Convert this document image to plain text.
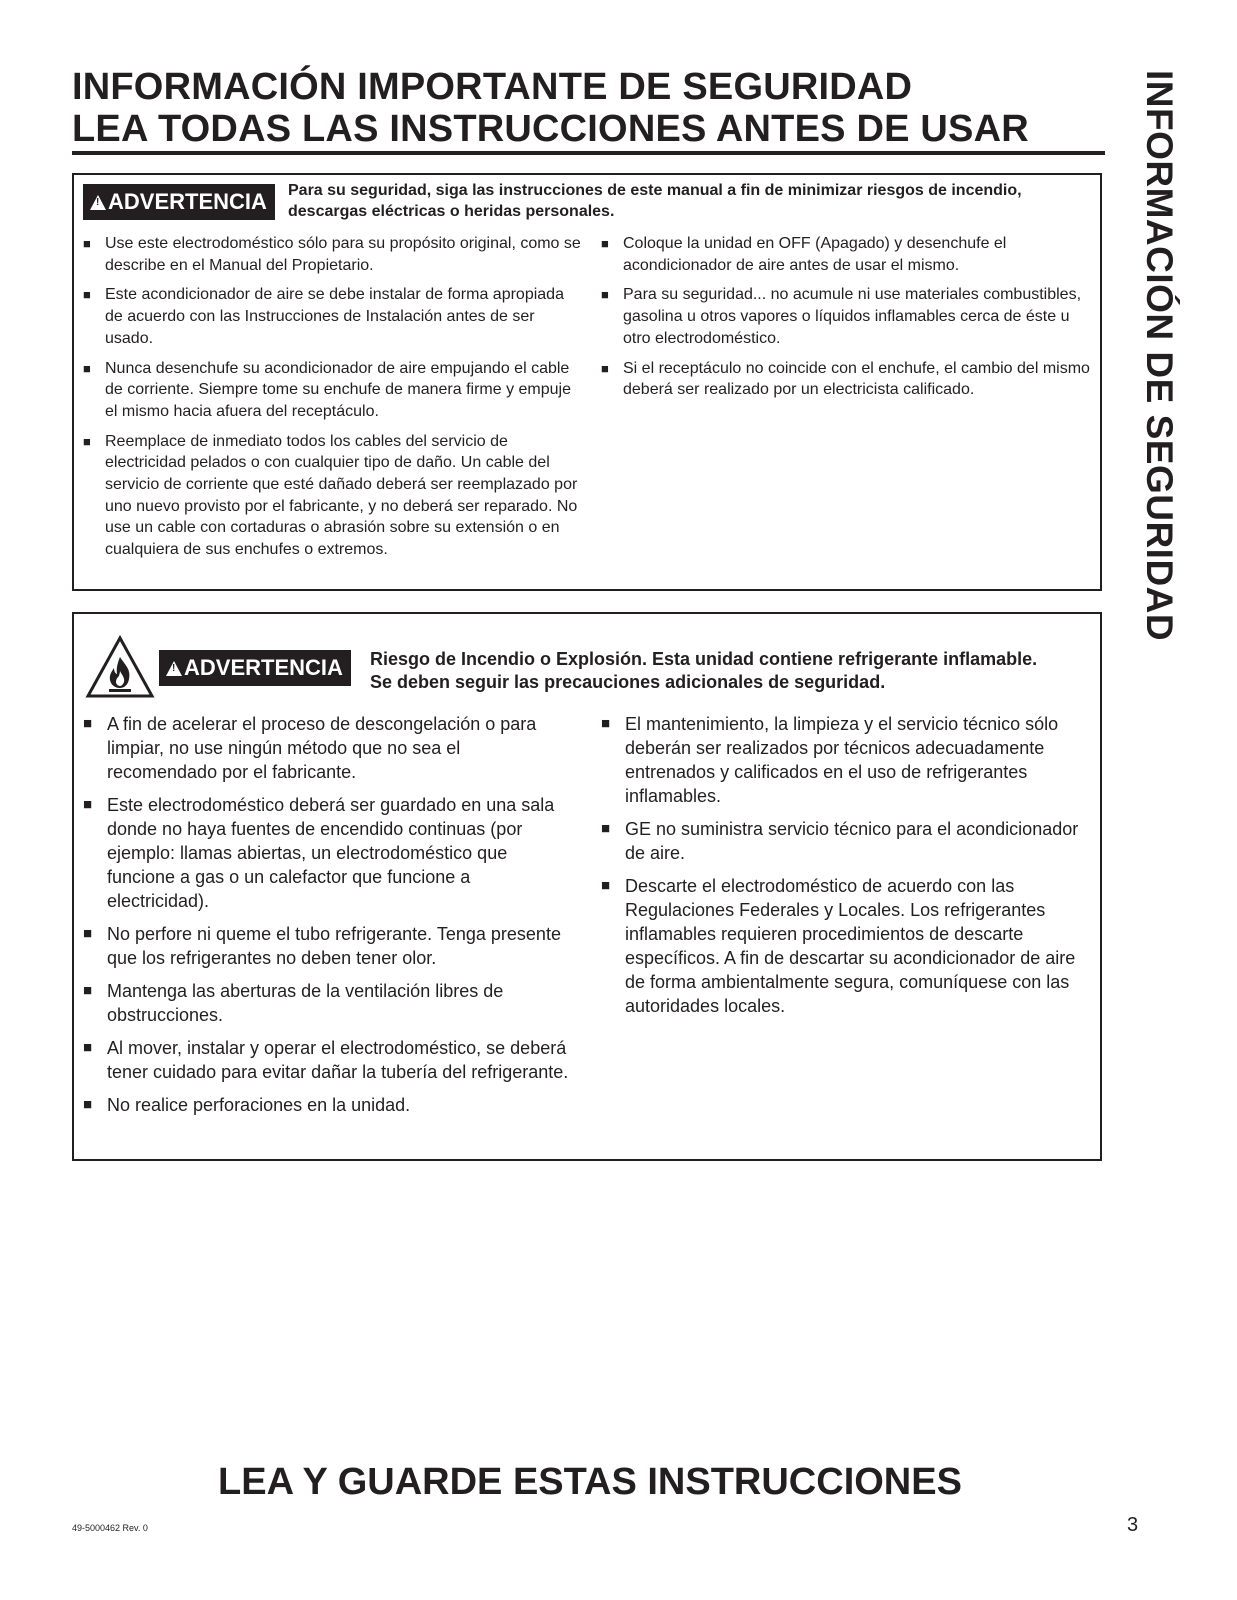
INFORMACIÓN IMPORTANTE DE SEGURIDAD
LEA TODAS LAS INSTRUCCIONES ANTES DE USAR	INFORMACIÓN DE SEGURIDAD
!
ADVERTENCIA Para su seguridad, siga las instrucciones de este manual a fin de minimizar riesgos de incendio, descargas eléctricas o heridas personales.

■ Use este electrodoméstico sólo para su propósito original, como se describe en el Manual del Propietario.

■ Este acondicionador de aire se debe instalar de forma apropiada de acuerdo con las Instrucciones de Instalación antes de ser usado.

■ Nunca desenchufe su acondicionador de aire empujando el cable de corriente. Siempre tome su enchufe de manera firme y empuje el mismo hacia afuera del receptáculo.

■ Reemplace de inmediato todos los cables del servicio de electricidad pelados o con cualquier tipo de daño. Un cable del servicio de corriente que esté dañado deberá ser reemplazado por uno nuevo provisto por el fabricante, y no deberá ser reparado. No use un cable con cortaduras o abrasión sobre su extensión o en cualquiera de sus enchufes o extremos.

■ Coloque la unidad en OFF (Apagado) y desenchufe el acondicionador de aire antes de usar el mismo.

■ Para su seguridad... no acumule ni use materiales combustibles, gasolina u otros vapores o líquidos inflamables cerca de éste u otro electrodoméstico.

■ Si el receptáculo no coincide con el enchufe, el cambio del mismo deberá ser realizado por un electricista calificado.

!
ADVERTENCIA Riesgo de Incendio o Explosión. Esta unidad contiene refrigerante inflamable.
Se deben seguir las precauciones adicionales de seguridad.

■ A fin de acelerar el proceso de descongelación o para limpiar, no use ningún método que no sea el recomendado por el fabricante.

■ Este electrodoméstico deberá ser guardado en una sala donde no haya fuentes de encendido continuas (por ejemplo: llamas abiertas, un electrodoméstico que funcione a gas o un calefactor que funcione a electricidad).

■ No perfore ni queme el tubo refrigerante. Tenga presente que los refrigerantes no deben tener olor.

■ Mantenga las aberturas de la ventilación libres de obstrucciones.

■ Al mover, instalar y operar el electrodoméstico, se deberá tener cuidado para evitar dañar la tubería del refrigerante.

■ No realice perforaciones en la unidad.

■ El mantenimiento, la limpieza y el servicio técnico sólo deberán ser realizados por técnicos adecuadamente entrenados y calificados en el uso de refrigerantes inflamables.

■ GE no suministra servicio técnico para el acondicionador de aire.

■ Descarte el electrodoméstico de acuerdo con las Regulaciones Federales y Locales. Los refrigerantes inflamables requieren procedimientos de descarte específicos. A fin de descartar su acondicionador de aire de forma ambientalmente segura, comuníquese con las autoridades locales.

LEA Y GUARDE ESTAS INSTRUCCIONES
49-5000462 Rev. 0	3
